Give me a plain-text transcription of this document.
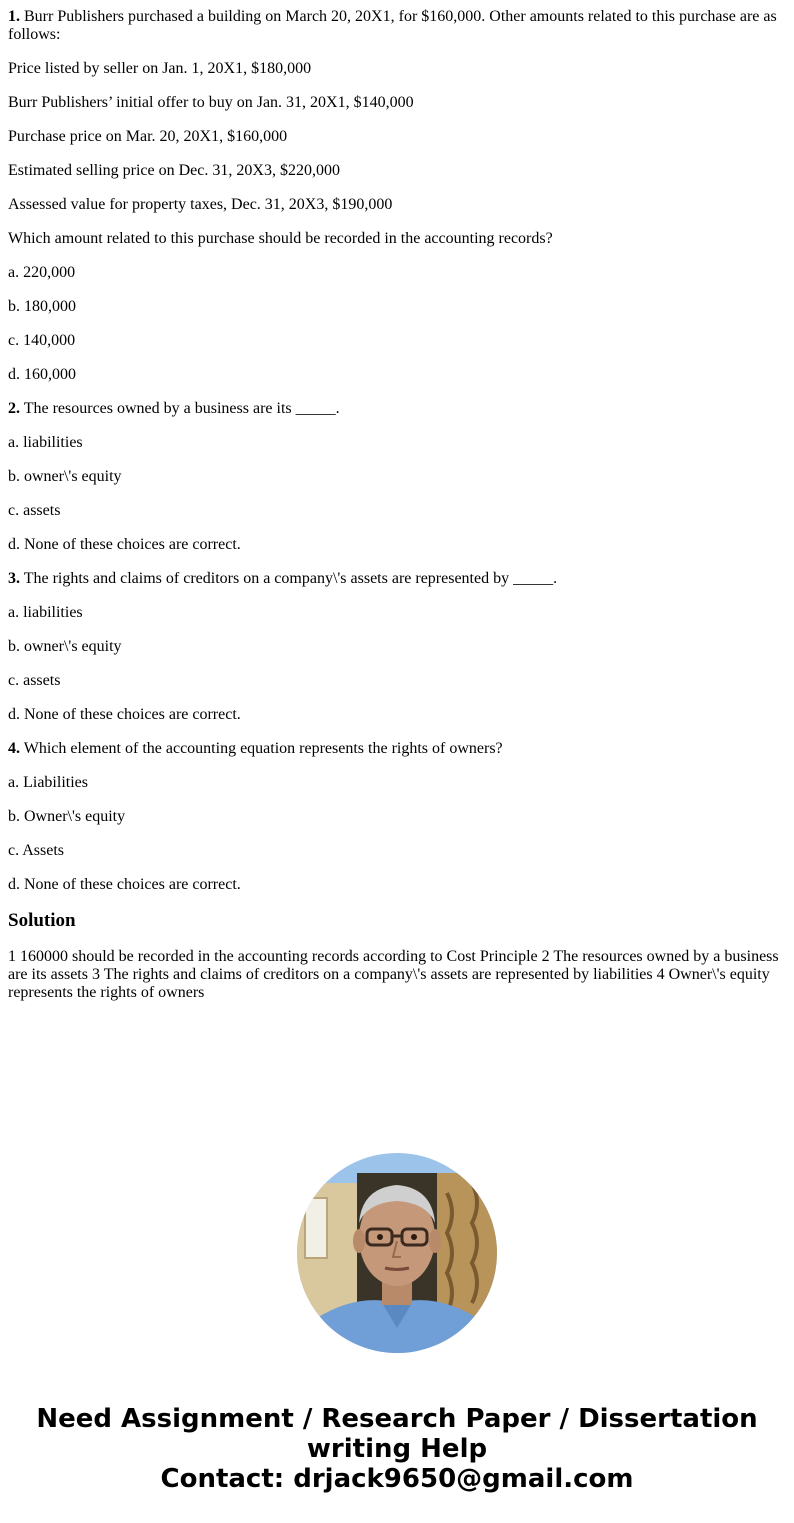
1. Burr Publishers purchased a building on March 20, 20X1, for $160,000. Other amounts related to this purchase are as follows:

Price listed by seller on Jan. 1, 20X1, $180,000

Burr Publishers’ initial offer to buy on Jan. 31, 20X1, $140,000

Purchase price on Mar. 20, 20X1, $160,000

Estimated selling price on Dec. 31, 20X3, $220,000

Assessed value for property taxes, Dec. 31, 20X3, $190,000

Which amount related to this purchase should be recorded in the accounting records?

a. 220,000

b. 180,000

c. 140,000

d. 160,000

2. The resources owned by a business are its _____.

a. liabilities

b. owner\'s equity

c. assets

d. None of these choices are correct.

3. The rights and claims of creditors on a company\'s assets are represented by _____.

a. liabilities

b. owner\'s equity

c. assets

d. None of these choices are correct.

4. Which element of the accounting equation represents the rights of owners?

a. Liabilities

b. Owner\'s equity

c. Assets

d. None of these choices are correct.

Solution

1 160000 should be recorded in the accounting records according to Cost Principle 2 The resources owned by a business are its assets 3 The rights and claims of creditors on a company\'s assets are represented by liabilities 4 Owner\'s equity represents the rights of owners

Need Assignment / Research Paper / Dissertation
writing Help
Contact: drjack9650@gmail.com
